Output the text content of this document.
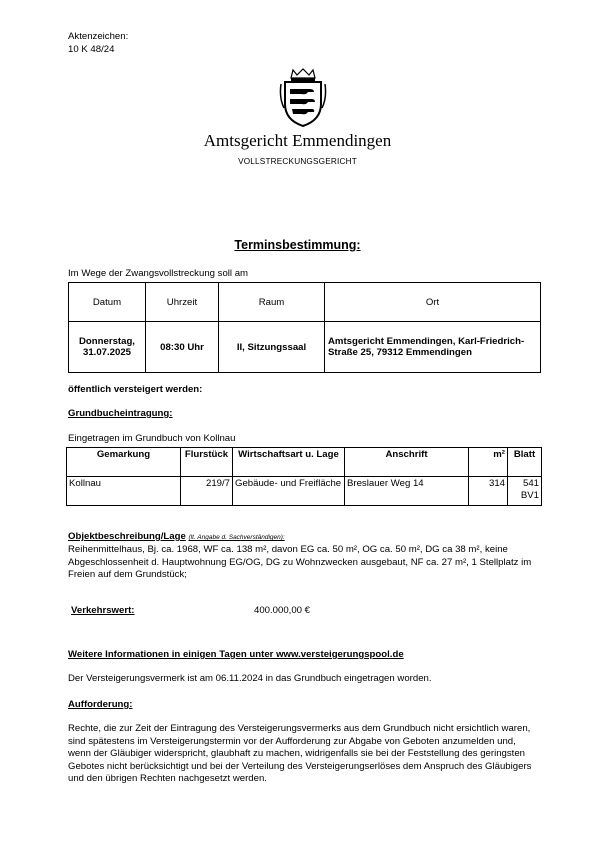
Aktenzeichen:
10 K 48/24
Amtsgericht Emmendingen
VOLLSTRECKUNGSGERICHT
Terminsbestimmung:
Im Wege der Zwangsvollstreckung soll am
Datum	Uhrzeit	Raum	Ort

Donnerstag,
31.07.2025	08:30 Uhr	II, Sitzungssaal	Amtsgericht Emmendingen, Karl-Friedrich-Straße 25, 79312 Emmendingen
öffentlich versteigert werden:
Grundbucheintragung:
Eingetragen im Grundbuch von Kollnau
Gemarkung	Flurstück	Wirtschaftsart u. Lage	Anschrift	m²	Blatt
Kollnau	219/7	Gebäude- und Freifläche	Breslauer Weg 14	314	541
BV1
Objektbeschreibung/Lage (lt. Angabe d. Sachverständigen):
Reihenmittelhaus, Bj. ca. 1968, WF ca. 138 m², davon EG ca. 50 m², OG ca. 50 m², DG ca 38 m², keine Abgeschlossenheit d. Hauptwohnung EG/OG, DG zu Wohnzwecken ausgebaut, NF ca. 27 m², 1 Stellplatz im Freien auf dem Grundstück;
Verkehrswert:	400.000,00 €
Weitere Informationen in einigen Tagen unter www.versteigerungspool.de
Der Versteigerungsvermerk ist am 06.11.2024 in das Grundbuch eingetragen worden.
Aufforderung:
Rechte, die zur Zeit der Eintragung des Versteigerungsvermerks aus dem Grundbuch nicht ersichtlich waren, sind spätestens im Versteigerungstermin vor der Aufforderung zur Abgabe von Geboten anzumelden und, wenn der Gläubiger widerspricht, glaubhaft zu machen, widrigenfalls sie bei der Feststellung des geringsten Gebotes nicht berücksichtigt und bei der Verteilung des Versteigerungserlöses dem Anspruch des Gläubigers und den übrigen Rechten nachgesetzt werden.
